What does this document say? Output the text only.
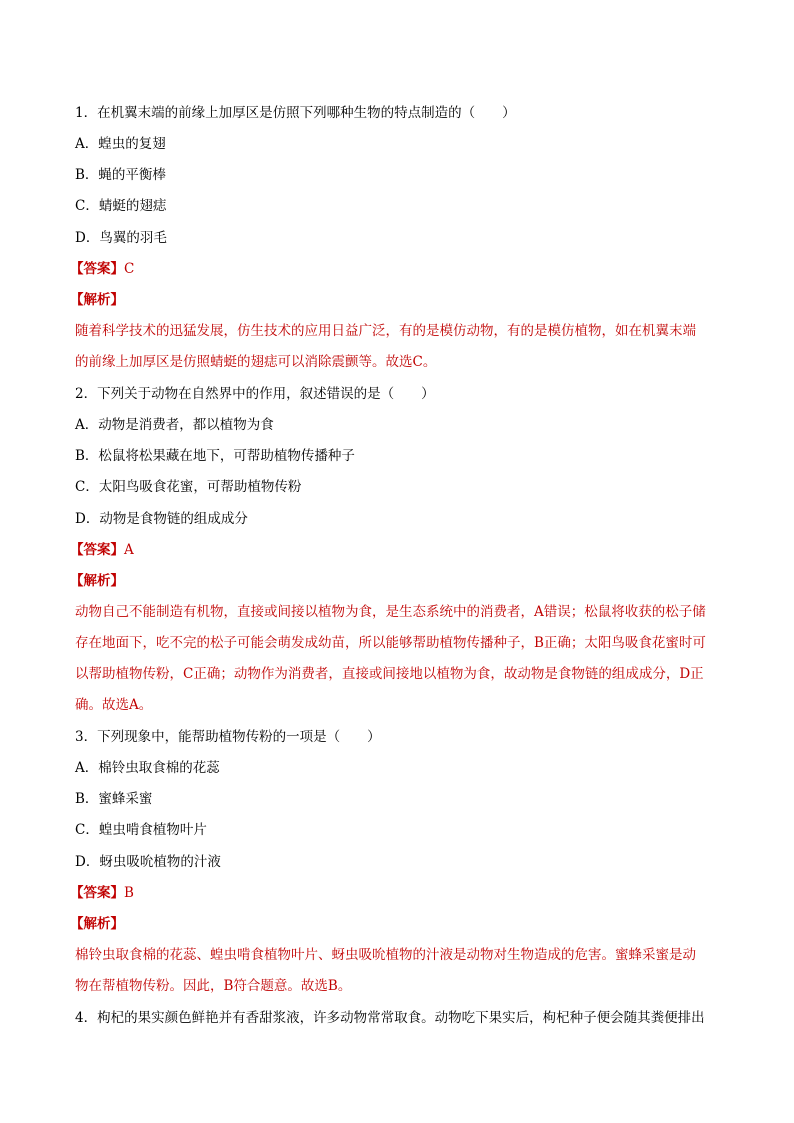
1．在机翼末端的前缘上加厚区是仿照下列哪种生物的特点制造的（　　）
A．蝗虫的复翅
B．蝇的平衡棒
C．蜻蜓的翅痣
D．鸟翼的羽毛
【答案】C
【解析】
随着科学技术的迅猛发展，仿生技术的应用日益广泛，有的是模仿动物，有的是模仿植物，如在机翼末端
的前缘上加厚区是仿照蜻蜓的翅痣可以消除震颤等。故选C。
2．下列关于动物在自然界中的作用，叙述错误的是（　　）
A．动物是消费者，都以植物为食
B．松鼠将松果藏在地下，可帮助植物传播种子
C．太阳鸟吸食花蜜，可帮助植物传粉
D．动物是食物链的组成成分
【答案】A
【解析】
动物自己不能制造有机物，直接或间接以植物为食，是生态系统中的消费者，A错误；松鼠将收获的松子储
存在地面下，吃不完的松子可能会萌发成幼苗，所以能够帮助植物传播种子，B正确；太阳鸟吸食花蜜时可
以帮助植物传粉，C正确；动物作为消费者，直接或间接地以植物为食，故动物是食物链的组成成分，D正
确。故选A。
3．下列现象中，能帮助植物传粉的一项是（　　）
A．棉铃虫取食棉的花蕊
B．蜜蜂采蜜
C．蝗虫啃食植物叶片
D．蚜虫吸吮植物的汁液
【答案】B
【解析】
棉铃虫取食棉的花蕊、蝗虫啃食植物叶片、蚜虫吸吮植物的汁液是动物对生物造成的危害。蜜蜂采蜜是动
物在帮植物传粉。因此，B符合题意。故选B。
4．枸杞的果实颜色鲜艳并有香甜浆液，许多动物常常取食。动物吃下果实后，枸杞种子便会随其粪便排出
